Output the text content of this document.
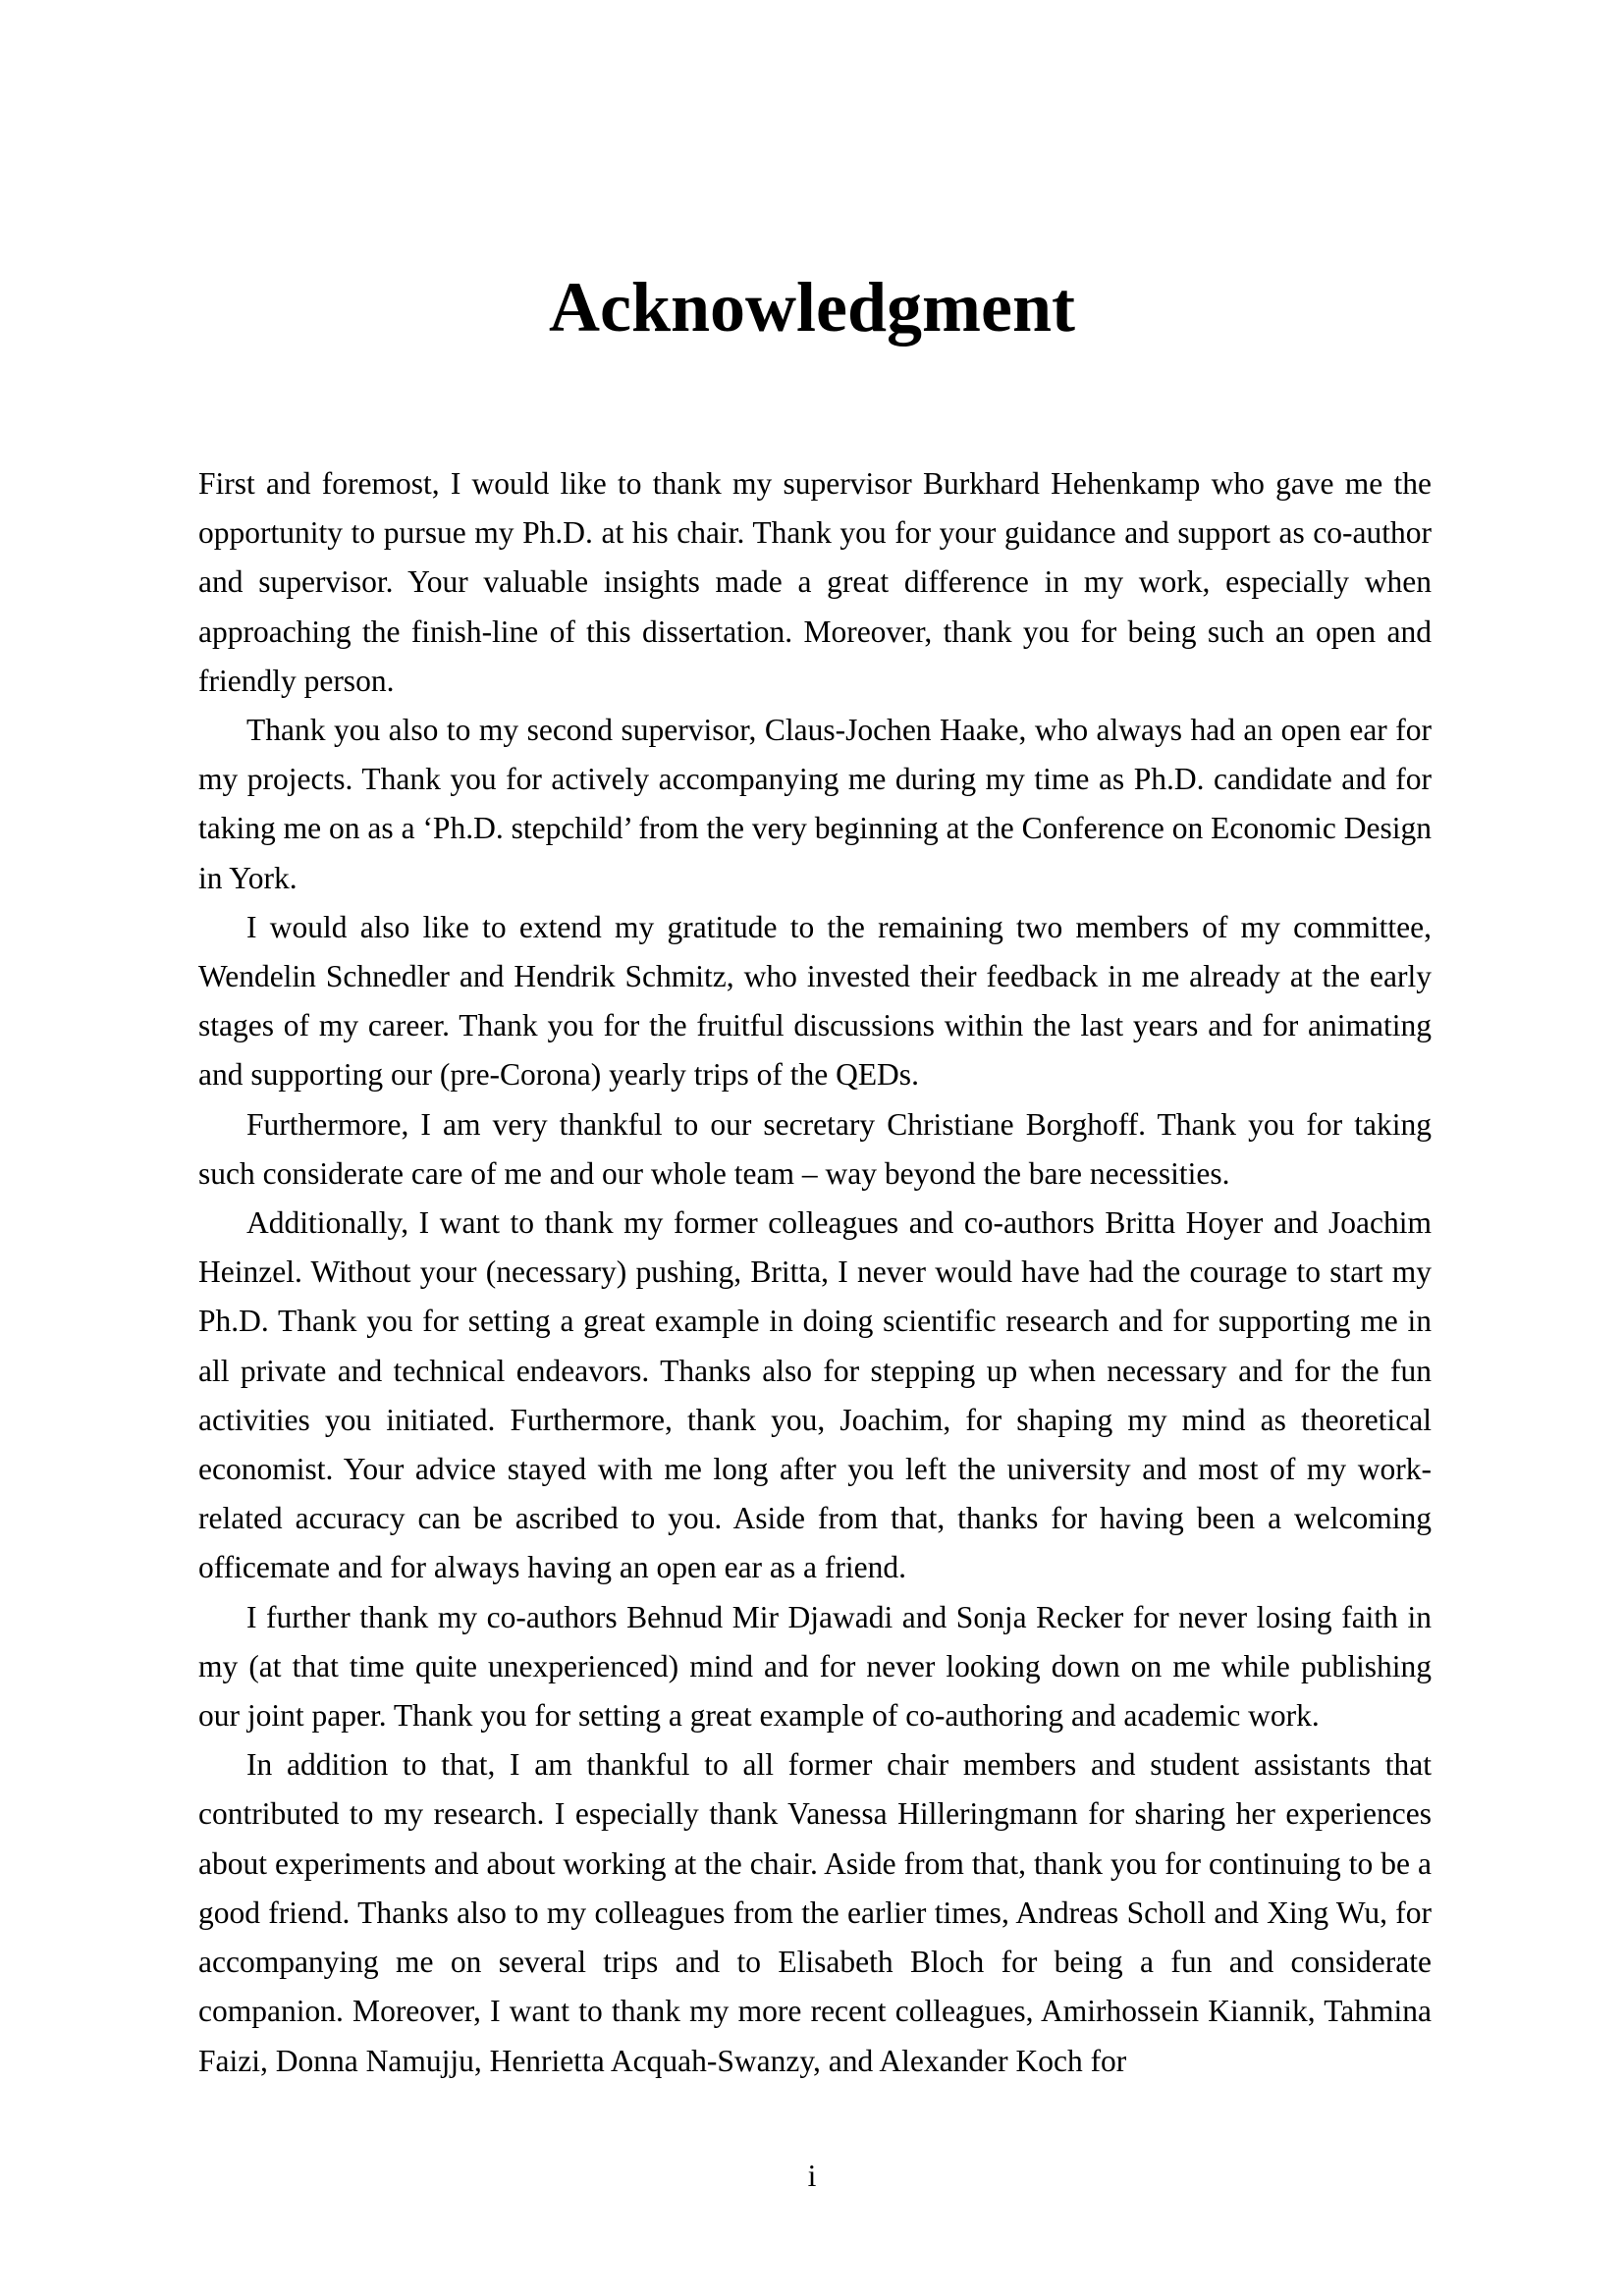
Acknowledgment

First and foremost, I would like to thank my supervisor Burkhard Hehenkamp who gave me the opportunity to pursue my Ph.D. at his chair. Thank you for your guidance and support as co-author and supervisor. Your valuable insights made a great difference in my work, especially when approaching the finish-line of this dissertation. Moreover, thank you for being such an open and friendly person.

Thank you also to my second supervisor, Claus-Jochen Haake, who always had an open ear for my projects. Thank you for actively accompanying me during my time as Ph.D. candidate and for taking me on as a ‘Ph.D. stepchild’ from the very beginning at the Conference on Economic Design in York.

I would also like to extend my gratitude to the remaining two members of my committee, Wendelin Schnedler and Hendrik Schmitz, who invested their feedback in me already at the early stages of my career. Thank you for the fruitful discussions within the last years and for animating and supporting our (pre-Corona) yearly trips of the QEDs.

Furthermore, I am very thankful to our secretary Christiane Borghoff. Thank you for taking such considerate care of me and our whole team – way beyond the bare necessities.

Additionally, I want to thank my former colleagues and co-authors Britta Hoyer and Joachim Heinzel. Without your (necessary) pushing, Britta, I never would have had the courage to start my Ph.D. Thank you for setting a great example in doing scientific research and for supporting me in all private and technical endeavors. Thanks also for stepping up when necessary and for the fun activities you initiated. Furthermore, thank you, Joachim, for shaping my mind as theoretical economist. Your advice stayed with me long after you left the university and most of my work-related accuracy can be ascribed to you. Aside from that, thanks for having been a welcoming officemate and for always having an open ear as a friend.

I further thank my co-authors Behnud Mir Djawadi and Sonja Recker for never losing faith in my (at that time quite unexperienced) mind and for never looking down on me while publishing our joint paper. Thank you for setting a great example of co-authoring and academic work.

In addition to that, I am thankful to all former chair members and student assistants that contributed to my research. I especially thank Vanessa Hilleringmann for sharing her experiences about experiments and about working at the chair. Aside from that, thank you for continuing to be a good friend. Thanks also to my colleagues from the earlier times, Andreas Scholl and Xing Wu, for accompanying me on several trips and to Elisabeth Bloch for being a fun and considerate companion. Moreover, I want to thank my more recent colleagues, Amirhossein Kiannik, Tahmina Faizi, Donna Namujju, Henrietta Acquah-Swanzy, and Alexander Koch for

i
